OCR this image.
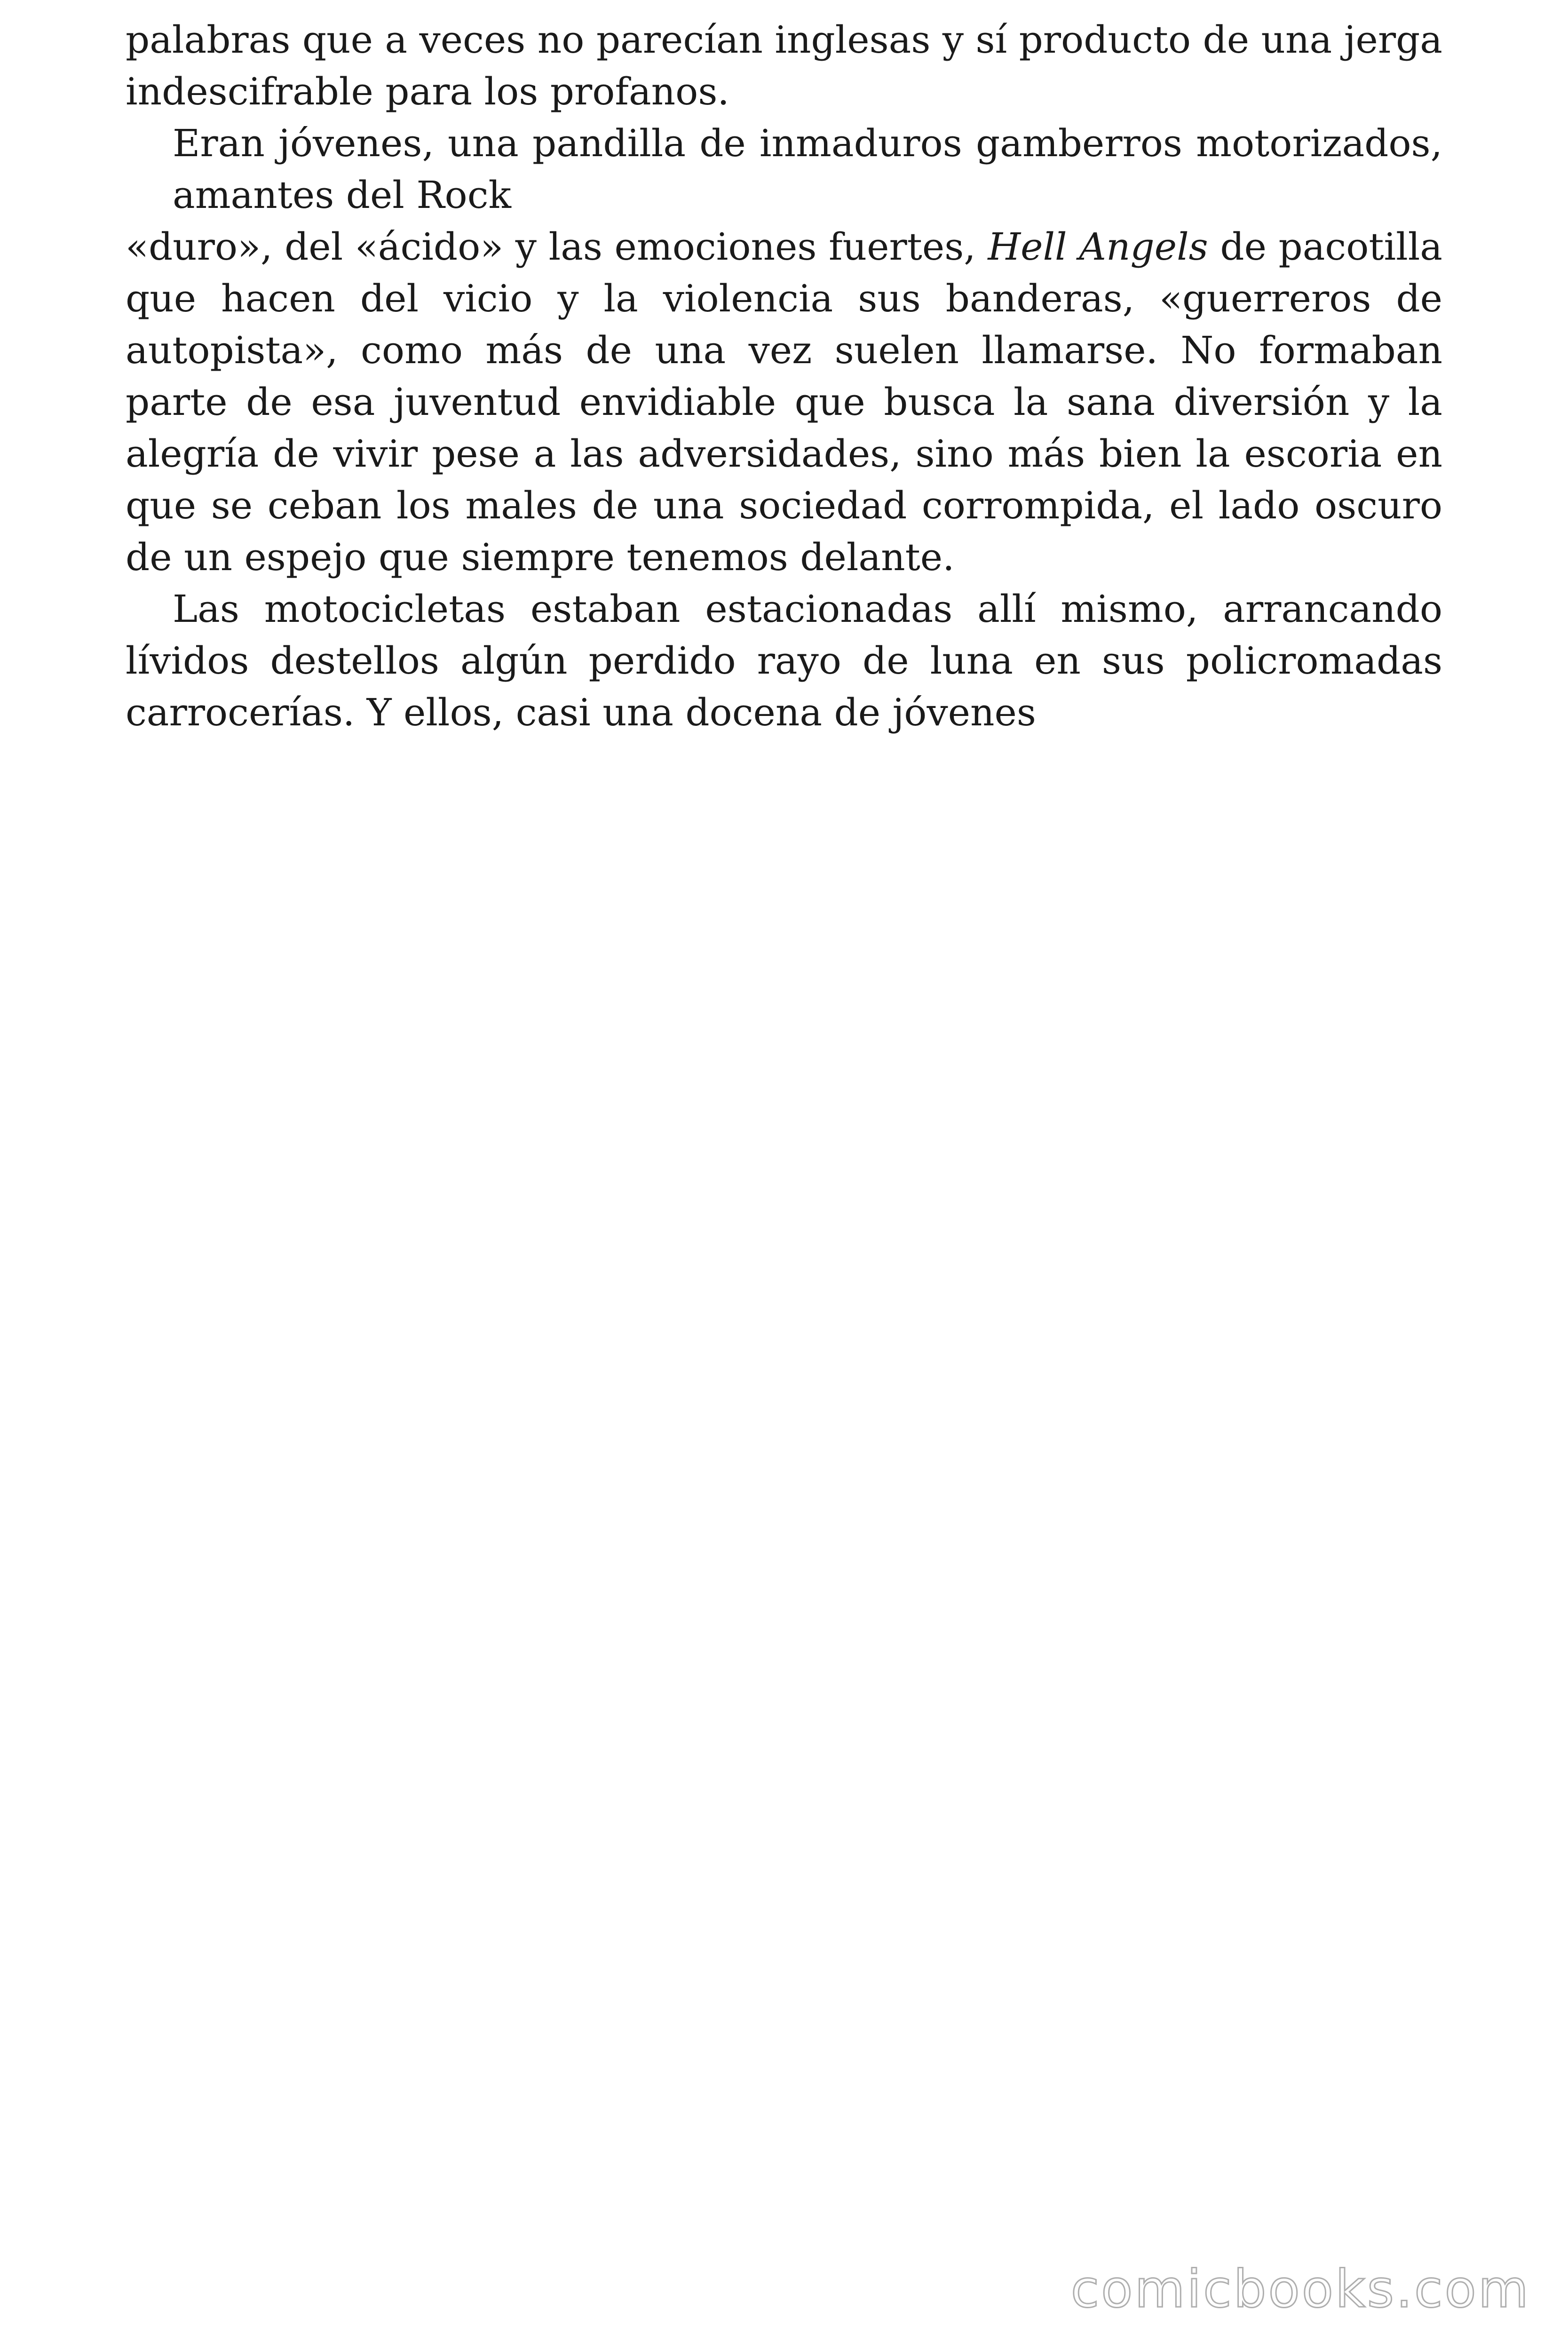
palabras que a veces no parecían inglesas y sí producto de una jerga
indescifrable para los profanos.
Eran jóvenes, una pandilla de inmaduros gamberros motorizados,
amantes del Rock
«duro», del «ácido» y las emociones fuertes, Hell Angels de pacotilla
que hacen del vicio y la violencia sus banderas, «guerreros de
autopista», como más de una vez suelen llamarse. No formaban
parte de esa juventud envidiable que busca la sana diversión y la
alegría de vivir pese a las adversidades, sino más bien la escoria en
que se ceban los males de una sociedad corrompida, el lado oscuro
de un espejo que siempre tenemos delante.
Las motocicletas estaban estacionadas allí mismo, arrancando
lívidos destellos algún perdido rayo de luna en sus policromadas
carrocerías. Y ellos, casi una docena de jóvenes
comicbooks.com
